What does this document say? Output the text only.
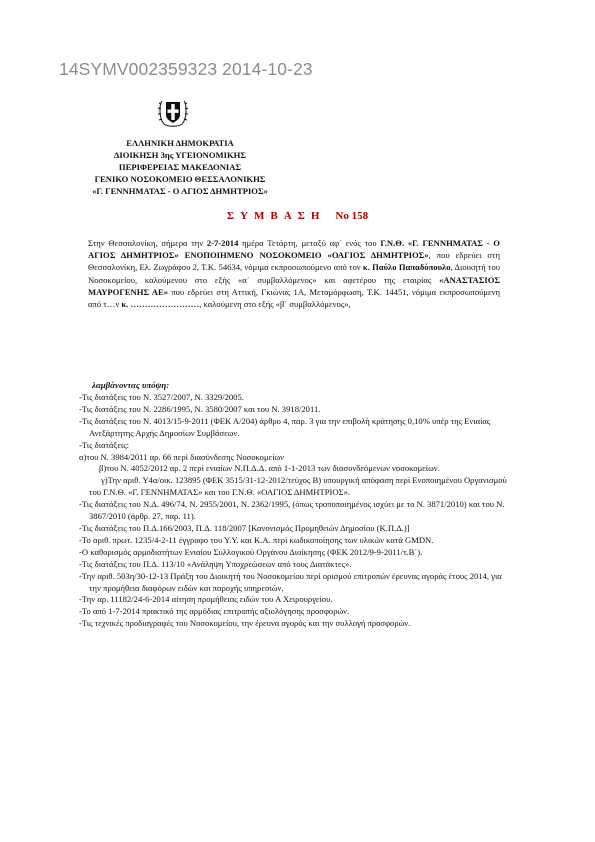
14SYMV002359323 2014-10-23
ΕΛΛΗΝΙΚΗ ΔΗΜΟΚΡΑΤΙΑ
ΔΙΟΙΚΗΣΗ 3ης ΥΓΕΙΟΝΟΜΙΚΗΣ
ΠΕΡΙΦΕΡΕΙΑΣ ΜΑΚΕΔΟΝΙΑΣ
ΓΕΝΙΚΟ ΝΟΣΟΚΟΜΕΙΟ ΘΕΣΣΑΛΟΝΙΚΗΣ
«Γ. ΓΕΝΝΗΜΑΤΑΣ - Ο ΑΓΙΟΣ ΔΗΜΗΤΡΙΟΣ»
ΣΥΜΒΑΣΗ Νο 158
Στην Θεσσαλονίκη, σήμερα την 2-7-2014 ημέρα Τετάρτη, μεταξύ αφ΄ ενός του Γ.Ν.Θ. «Γ. ΓΕΝΝΗΜΑΤΑΣ - Ο ΑΓΙΟΣ ΔΗΜΗΤΡΙΟΣ» ΕΝΟΠΟΙΗΜΕΝΟ ΝΟΣΟΚΟΜΕΙΟ «ΟΑΓΙΟΣ ΔΗΜΗΤΡΙΟΣ», που εδρεύει στη Θεσσαλονίκη, Ελ. Ζωγράφου 2, Τ.Κ. 54634, νόμιμα εκπροσωπούμενο από τον κ. Παύλο Παπαδόπουλο, Διοικητή του Νοσοκομείου, καλούμενου στο εξής «α΄ συμβαλλόμενος» και αφετέρου της εταιρίας «ΑΝΑΣΤΑΣΙΟΣ ΜΑΥΡΟΓΕΝΗΣ ΑΕ» που εδρεύει στη Αττική, Γκιώνας 1Α, Μεταμόρφωση, Τ.Κ. 14451, νόμιμα εκπροσωπούμενη από τ…ν κ. ……………………, καλούμενη στο εξής «β΄ συμβαλλόμενος»,
λαμβάνοντας υπόψη:
-Τις διατάξεις του Ν. 3527/2007, Ν. 3329/2005.
-Τις διατάξεις του Ν. 2286/1995, Ν. 3580/2007 και του Ν. 3918/2011.
-Τις διατάξεις του Ν. 4013/15-9-2011 (ΦΕΚ Α/204) άρθρο 4, παρ. 3 για την επιβολή κράτησης 0,10% υπέρ της Ενιαίας Ανεξάρτητης Αρχής Δημοσίων Συμβάσεων.
-Τις διατάξεις:
α)του Ν. 3984/2011 αρ. 66 περί διασύνδεσης Νοσοκομείων
β)του Ν. 4052/2012 αρ. 2 περί ενιαίων Ν.Π.Δ.Δ. από 1-1-2013 των διασυνδεόμενων νοσοκομείων.
γ)Την αριθ. Υ4α/οικ. 123895 (ΦΕΚ 3515/31-12-2012/τεύχος Β) υπουργική απόφαση περί Ενοποιημένου Οργανισμού του Γ.Ν.Θ. «Γ. ΓΕΝΝΗΜΑΤΑΣ» και του Γ.Ν.Θ. «ΟΑΓΙΟΣ ΔΗΜΗΤΡΙΟΣ».
-Τις διατάξεις του Ν.Δ. 496/74, Ν. 2955/2001, Ν. 2362/1995, (όπως τροποποιημένος ισχύει με το Ν. 3871/2010) και του Ν. 3867/2010 (άρθρ. 27, παρ. 11).
-Τις διατάξεις του Π.Δ.166/2003, Π.Δ. 118/2007 [Κανονισμός Προμηθειών Δημοσίου (Κ.Π.Δ.)]
-Το αριθ. πρωτ. 1235/4-2-11 έγγραφο του Υ.Υ. και Κ.Α. περί κωδικοποίησης των υλικών κατά GMDN.
-Ο καθορισμός αρμοδιοτήτων Ενιαίου Συλλογικού Οργάνου Διοίκησης (ΦΕΚ 2012/9-9-2011/τ.Β΄).
-Τις διατάξεις του Π.Δ. 113/10 «Ανάληψη Υποχρεώσεων από τους Διατάκτες».
-Την αριθ. 503η/30-12-13 Πράξη του Διοικητή του Νοσοκομείου περί ορισμού επιτροπών έρευνας αγοράς έτους 2014, για την προμήθεια διαφόρων ειδών και παροχής υπηρεσιών.
-Την αρ. 11182/24-6-2014 αίτηση προμήθειας ειδών του Α Χειρουργείου.
-Το από 1-7-2014 πρακτικό της αρμόδιας επιτροπής αξιολόγησης προσφορών.
-Τις τεχνικές προδιαγραφές του Νοσοκομείου, την έρευνα αγοράς και την συλλογή προσφορών.
